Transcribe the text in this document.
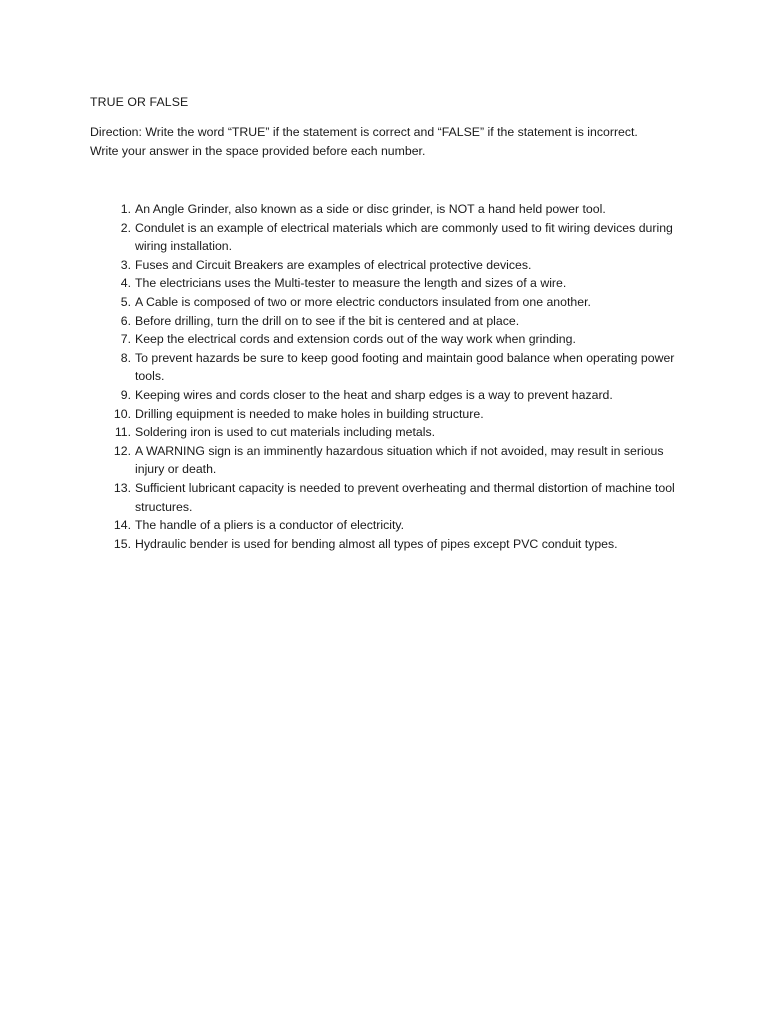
TRUE OR FALSE

Direction: Write the word “TRUE” if the statement is correct and “FALSE” if the statement is incorrect.

Write your answer in the space provided before each number.

1. An Angle Grinder, also known as a side or disc grinder, is NOT a hand held power tool.
2. Condulet is an example of electrical materials which are commonly used to fit wiring devices during wiring installation.
3. Fuses and Circuit Breakers are examples of electrical protective devices.
4. The electricians uses the Multi-tester to measure the length and sizes of a wire.
5. A Cable is composed of two or more electric conductors insulated from one another.
6. Before drilling, turn the drill on to see if the bit is centered and at place.
7. Keep the electrical cords and extension cords out of the way work when grinding.
8. To prevent hazards be sure to keep good footing and maintain good balance when operating power tools.
9. Keeping wires and cords closer to the heat and sharp edges is a way to prevent hazard.
10. Drilling equipment is needed to make holes in building structure.
11. Soldering iron is used to cut materials including metals.
12. A WARNING sign is an imminently hazardous situation which if not avoided, may result in serious injury or death.
13. Sufficient lubricant capacity is needed to prevent overheating and thermal distortion of machine tool structures.
14. The handle of a pliers is a conductor of electricity.
15. Hydraulic bender is used for bending almost all types of pipes except PVC conduit types.
